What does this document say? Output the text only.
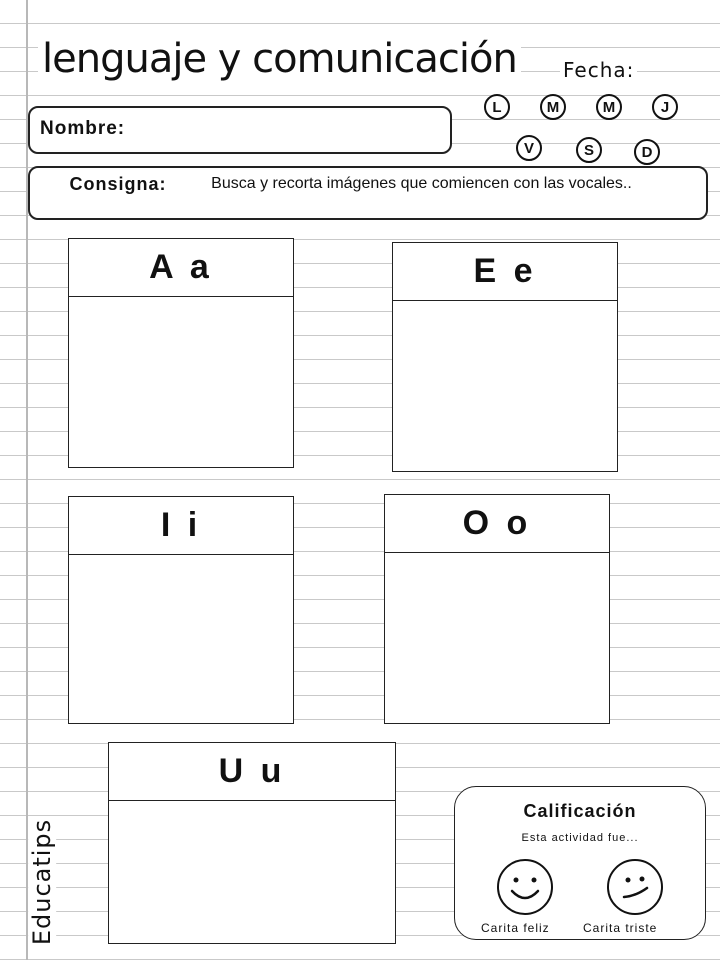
lenguaje y comunicación Fecha:
L	M	M	J
V	S	D
Nombre:
Consigna:	Busca y recorta imágenes que comiencen con las vocales..
A a	E e
I i	O o
U u
Educatips
Calificación
Esta actividad fue...
Carita feliz	Carita triste
